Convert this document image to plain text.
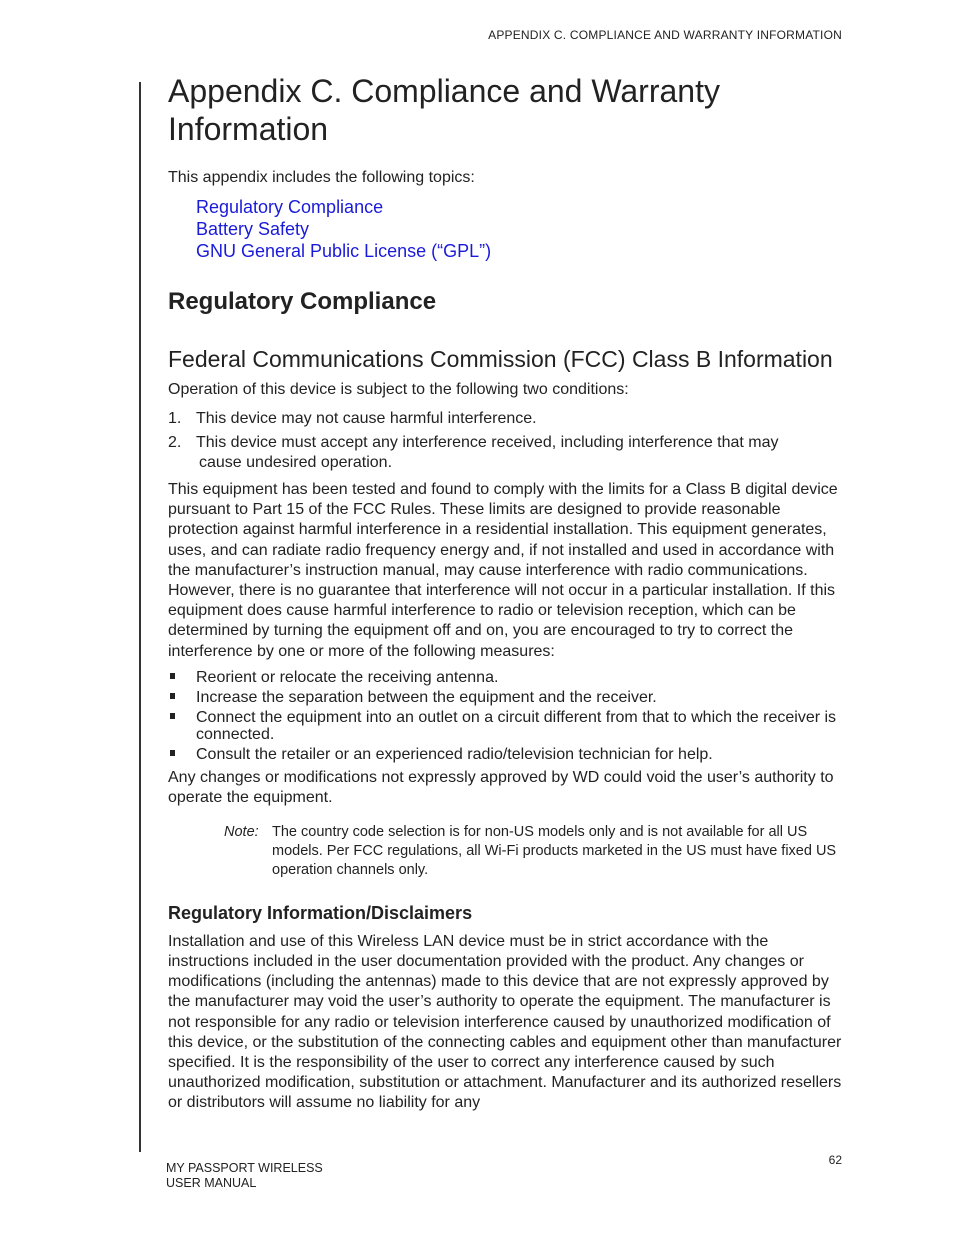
APPENDIX C. COMPLIANCE AND WARRANTY INFORMATION
Appendix C. Compliance and Warranty Information

This appendix includes the following topics:

Regulatory Compliance
Battery Safety
GNU General Public License (“GPL”)
Regulatory Compliance
Federal Communications Commission (FCC) Class B Information

Operation of this device is subject to the following two conditions:

1. This device may not cause harmful interference.
2. This device must accept any interference received, including interference that may
cause undesired operation.

This equipment has been tested and found to comply with the limits for a Class B digital device pursuant to Part 15 of the FCC Rules. These limits are designed to provide reasonable protection against harmful interference in a residential installation. This equipment generates, uses, and can radiate radio frequency energy and, if not installed and used in accordance with the manufacturer’s instruction manual, may cause interference with radio communications. However, there is no guarantee that interference will not occur in a particular installation. If this equipment does cause harmful interference to radio or television reception, which can be determined by turning the equipment off and on, you are encouraged to try to correct the interference by one or more of the following measures:

Reorient or relocate the receiving antenna.
Increase the separation between the equipment and the receiver.
Connect the equipment into an outlet on a circuit different from that to which the receiver is connected.
Consult the retailer or an experienced radio/television technician for help.

Any changes or modifications not expressly approved by WD could void the user’s authority to operate the equipment.

Note: The country code selection is for non-US models only and is not available for all US models. Per FCC regulations, all Wi-Fi products marketed in the US must have fixed US operation channels only.
Regulatory Information/Disclaimers

Installation and use of this Wireless LAN device must be in strict accordance with the instructions included in the user documentation provided with the product. Any changes or modifications (including the antennas) made to this device that are not expressly approved by the manufacturer may void the user’s authority to operate the equipment. The manufacturer is not responsible for any radio or television interference caused by unauthorized modification of this device, or the substitution of the connecting cables and equipment other than manufacturer specified. It is the responsibility of the user to correct any interference caused by such unauthorized modification, substitution or attachment. Manufacturer and its authorized resellers or distributors will assume no liability for any

62
MY PASSPORT WIRELESS
USER MANUAL
